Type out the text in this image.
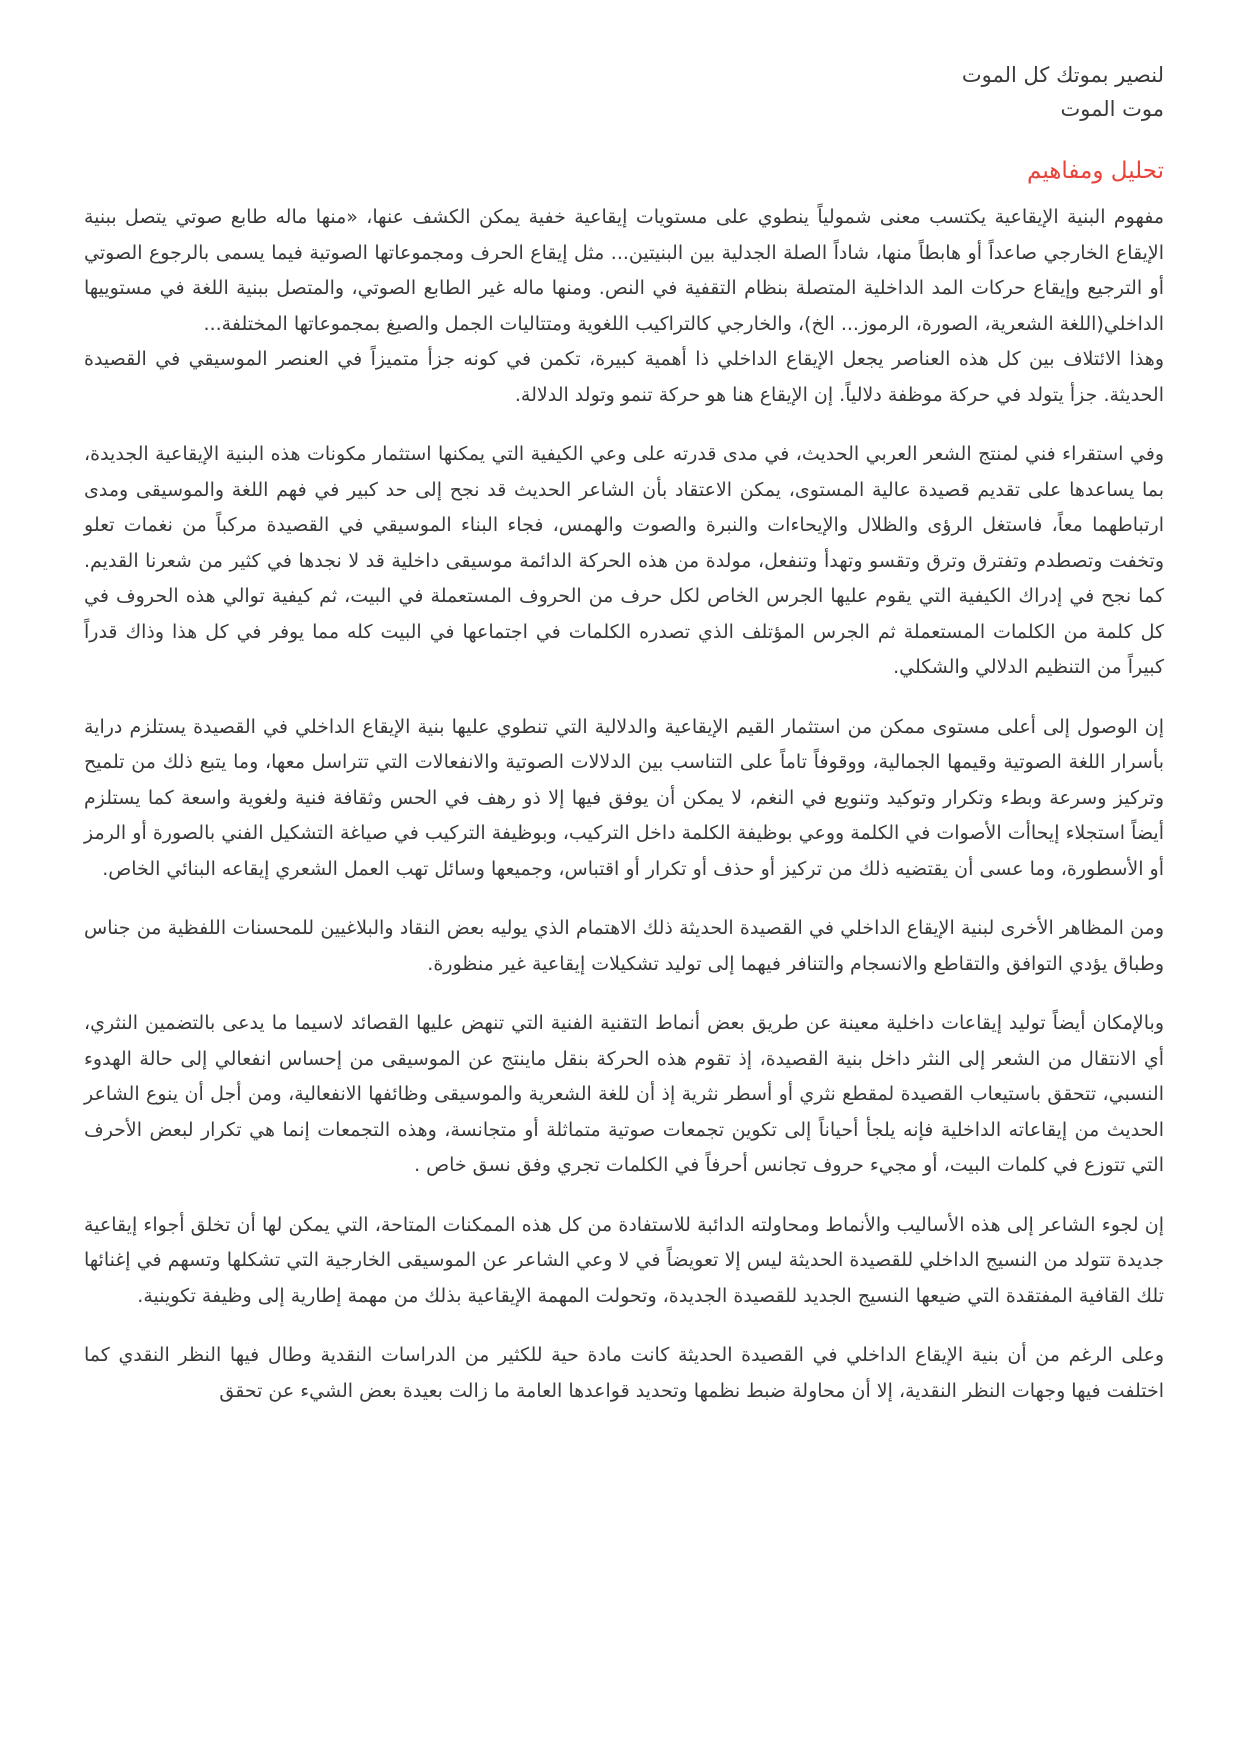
لنصير بموتك كل الموت

موت الموت

تحليل ومفاهيم

مفهوم البنية الإيقاعية يكتسب معنى شمولياً ينطوي على مستويات إيقاعية خفية يمكن الكشف عنها، «منها ماله طابع صوتي يتصل ببنية الإيقاع الخارجي صاعداً أو هابطاً منها، شاداً الصلة الجدلية بين البنيتين... مثل إيقاع الحرف ومجموعاتها الصوتية فيما يسمى بالرجوع الصوتي أو الترجيع وإيقاع حركات المد الداخلية المتصلة بنظام التقفية في النص. ومنها ماله غير الطابع الصوتي، والمتصل ببنية اللغة في مستوييها الداخلي(اللغة الشعرية، الصورة، الرموز... الخ)، والخارجي كالتراكيب اللغوية ومتتاليات الجمل والصيغ بمجموعاتها المختلفة...

وهذا الائتلاف بين كل هذه العناصر يجعل الإيقاع الداخلي ذا أهمية كبيرة، تكمن في كونه جزأ متميزاً في العنصر الموسيقي في القصيدة الحديثة. جزأ يتولد في حركة موظفة دلالياً. إن الإيقاع هنا هو حركة تنمو وتولد الدلالة.

وفي استقراء فني لمنتج الشعر العربي الحديث، في مدى قدرته على وعي الكيفية التي يمكنها استثمار مكونات هذه البنية الإيقاعية الجديدة، بما يساعدها على تقديم قصيدة عالية المستوى، يمكن الاعتقاد بأن الشاعر الحديث قد نجح إلى حد كبير في فهم اللغة والموسيقى ومدى ارتباطهما معاً، فاستغل الرؤى والظلال والإيحاءات والنبرة والصوت والهمس، فجاء البناء الموسيقي في القصيدة مركباً من نغمات تعلو وتخفت وتصطدم وتفترق وترق وتقسو وتهدأ وتنفعل، مولدة من هذه الحركة الدائمة موسيقى داخلية قد لا نجدها في كثير من شعرنا القديم. كما نجح في إدراك الكيفية التي يقوم عليها الجرس الخاص لكل حرف من الحروف المستعملة في البيت، ثم كيفية توالي هذه الحروف في كل كلمة من الكلمات المستعملة ثم الجرس المؤتلف الذي تصدره الكلمات في اجتماعها في البيت كله مما يوفر في كل هذا وذاك قدراً كبيراً من التنظيم الدلالي والشكلي.

إن الوصول إلى أعلى مستوى ممكن من استثمار القيم الإيقاعية والدلالية التي تنطوي عليها بنية الإيقاع الداخلي في القصيدة يستلزم دراية بأسرار اللغة الصوتية وقيمها الجمالية، ووقوفاً تاماً على التناسب بين الدلالات الصوتية والانفعالات التي تتراسل معها، وما يتبع ذلك من تلميح وتركيز وسرعة وبطء وتكرار وتوكيد وتنويع في النغم، لا يمكن أن يوفق فيها إلا ذو رهف في الحس وثقافة فنية ولغوية واسعة كما يستلزم أيضاً استجلاء إيحاأت الأصوات في الكلمة ووعي بوظيفة الكلمة داخل التركيب، وبوظيفة التركيب في صياغة التشكيل الفني بالصورة أو الرمز أو الأسطورة، وما عسى أن يقتضيه ذلك من تركيز أو حذف أو تكرار أو اقتباس، وجميعها وسائل تهب العمل الشعري إيقاعه البنائي الخاص.

ومن المظاهر الأخرى لبنية الإيقاع الداخلي في القصيدة الحديثة ذلك الاهتمام الذي يوليه بعض النقاد والبلاغيين للمحسنات اللفظية من جناس وطباق يؤدي التوافق والتقاطع والانسجام والتنافر فيهما إلى توليد تشكيلات إيقاعية غير منظورة.

وبالإمكان أيضاً توليد إيقاعات داخلية معينة عن طريق بعض أنماط التقنية الفنية التي تنهض عليها القصائد لاسيما ما يدعى بالتضمين النثري، أي الانتقال من الشعر إلى النثر داخل بنية القصيدة، إذ تقوم هذه الحركة بنقل ماينتج عن الموسيقى من إحساس انفعالي إلى حالة الهدوء النسبي، تتحقق باستيعاب القصيدة لمقطع نثري أو أسطر نثرية إذ أن للغة الشعرية والموسيقى وظائفها الانفعالية، ومن أجل أن ينوع الشاعر الحديث من إيقاعاته الداخلية فإنه يلجأ أحياناً إلى تكوين تجمعات صوتية متماثلة أو متجانسة، وهذه التجمعات إنما هي تكرار لبعض الأحرف التي تتوزع في كلمات البيت، أو مجيء حروف تجانس أحرفاً في الكلمات تجري وفق نسق خاص .

إن لجوء الشاعر إلى هذه الأساليب والأنماط ومحاولته الدائبة للاستفادة من كل هذه الممكنات المتاحة، التي يمكن لها أن تخلق أجواء إيقاعية جديدة تتولد من النسيج الداخلي للقصيدة الحديثة ليس إلا تعويضاً في لا وعي الشاعر عن الموسيقى الخارجية التي تشكلها وتسهم في إغنائها تلك القافية المفتقدة التي ضيعها النسيج الجديد للقصيدة الجديدة، وتحولت المهمة الإيقاعية بذلك من مهمة إطارية إلى وظيفة تكوينية.

وعلى الرغم من أن بنية الإيقاع الداخلي في القصيدة الحديثة كانت مادة حية للكثير من الدراسات النقدية وطال فيها النظر النقدي كما اختلفت فيها وجهات النظر النقدية، إلا أن محاولة ضبط نظمها وتحديد قواعدها العامة ما زالت بعيدة بعض الشيء عن تحقق
